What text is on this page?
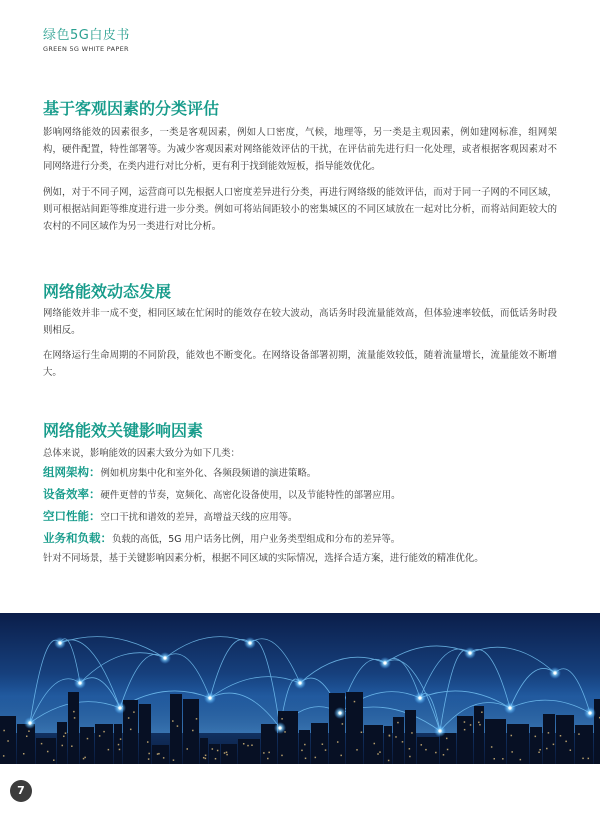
绿色5G白皮书
GREEN 5G WHITE PAPER
基于客观因素的分类评估

影响网络能效的因素很多，一类是客观因素，例如人口密度，气候，地理等，另一类是主观因素，例如建网标准，组网架构，硬件配置，特性部署等。为减少客观因素对网络能效评估的干扰，在评估前先进行归一化处理，或者根据客观因素对不同网络进行分类，在类内进行对比分析，更有利于找到能效短板，指导能效优化。

例如，对于不同子网，运营商可以先根据人口密度差异进行分类，再进行网络级的能效评估，而对于同一子网的不同区域，则可根据站间距等维度进行进一步分类。例如可将站间距较小的密集城区的不同区域放在一起对比分析，而将站间距较大的农村的不同区域作为另一类进行对比分析。

网络能效动态发展

网络能效并非一成不变，相同区域在忙闲时的能效存在较大波动，高话务时段流量能效高，但体验速率较低，而低话务时段则相反。

在网络运行生命周期的不同阶段，能效也不断变化。在网络设备部署初期，流量能效较低，随着流量增长，流量能效不断增大。

网络能效关键影响因素

总体来说，影响能效的因素大致分为如下几类：

组网架构：例如机房集中化和室外化、各频段频谱的演进策略。
设备效率：硬件更替的节奏，宽频化、高密化设备使用，以及节能特性的部署应用。
空口性能：空口干扰和谱效的差异，高增益天线的应用等。
业务和负载：负载的高低，5G 用户话务比例，用户业务类型组成和分布的差异等。

针对不同场景，基于关键影响因素分析，根据不同区域的实际情况，选择合适方案，进行能效的精准优化。

7
